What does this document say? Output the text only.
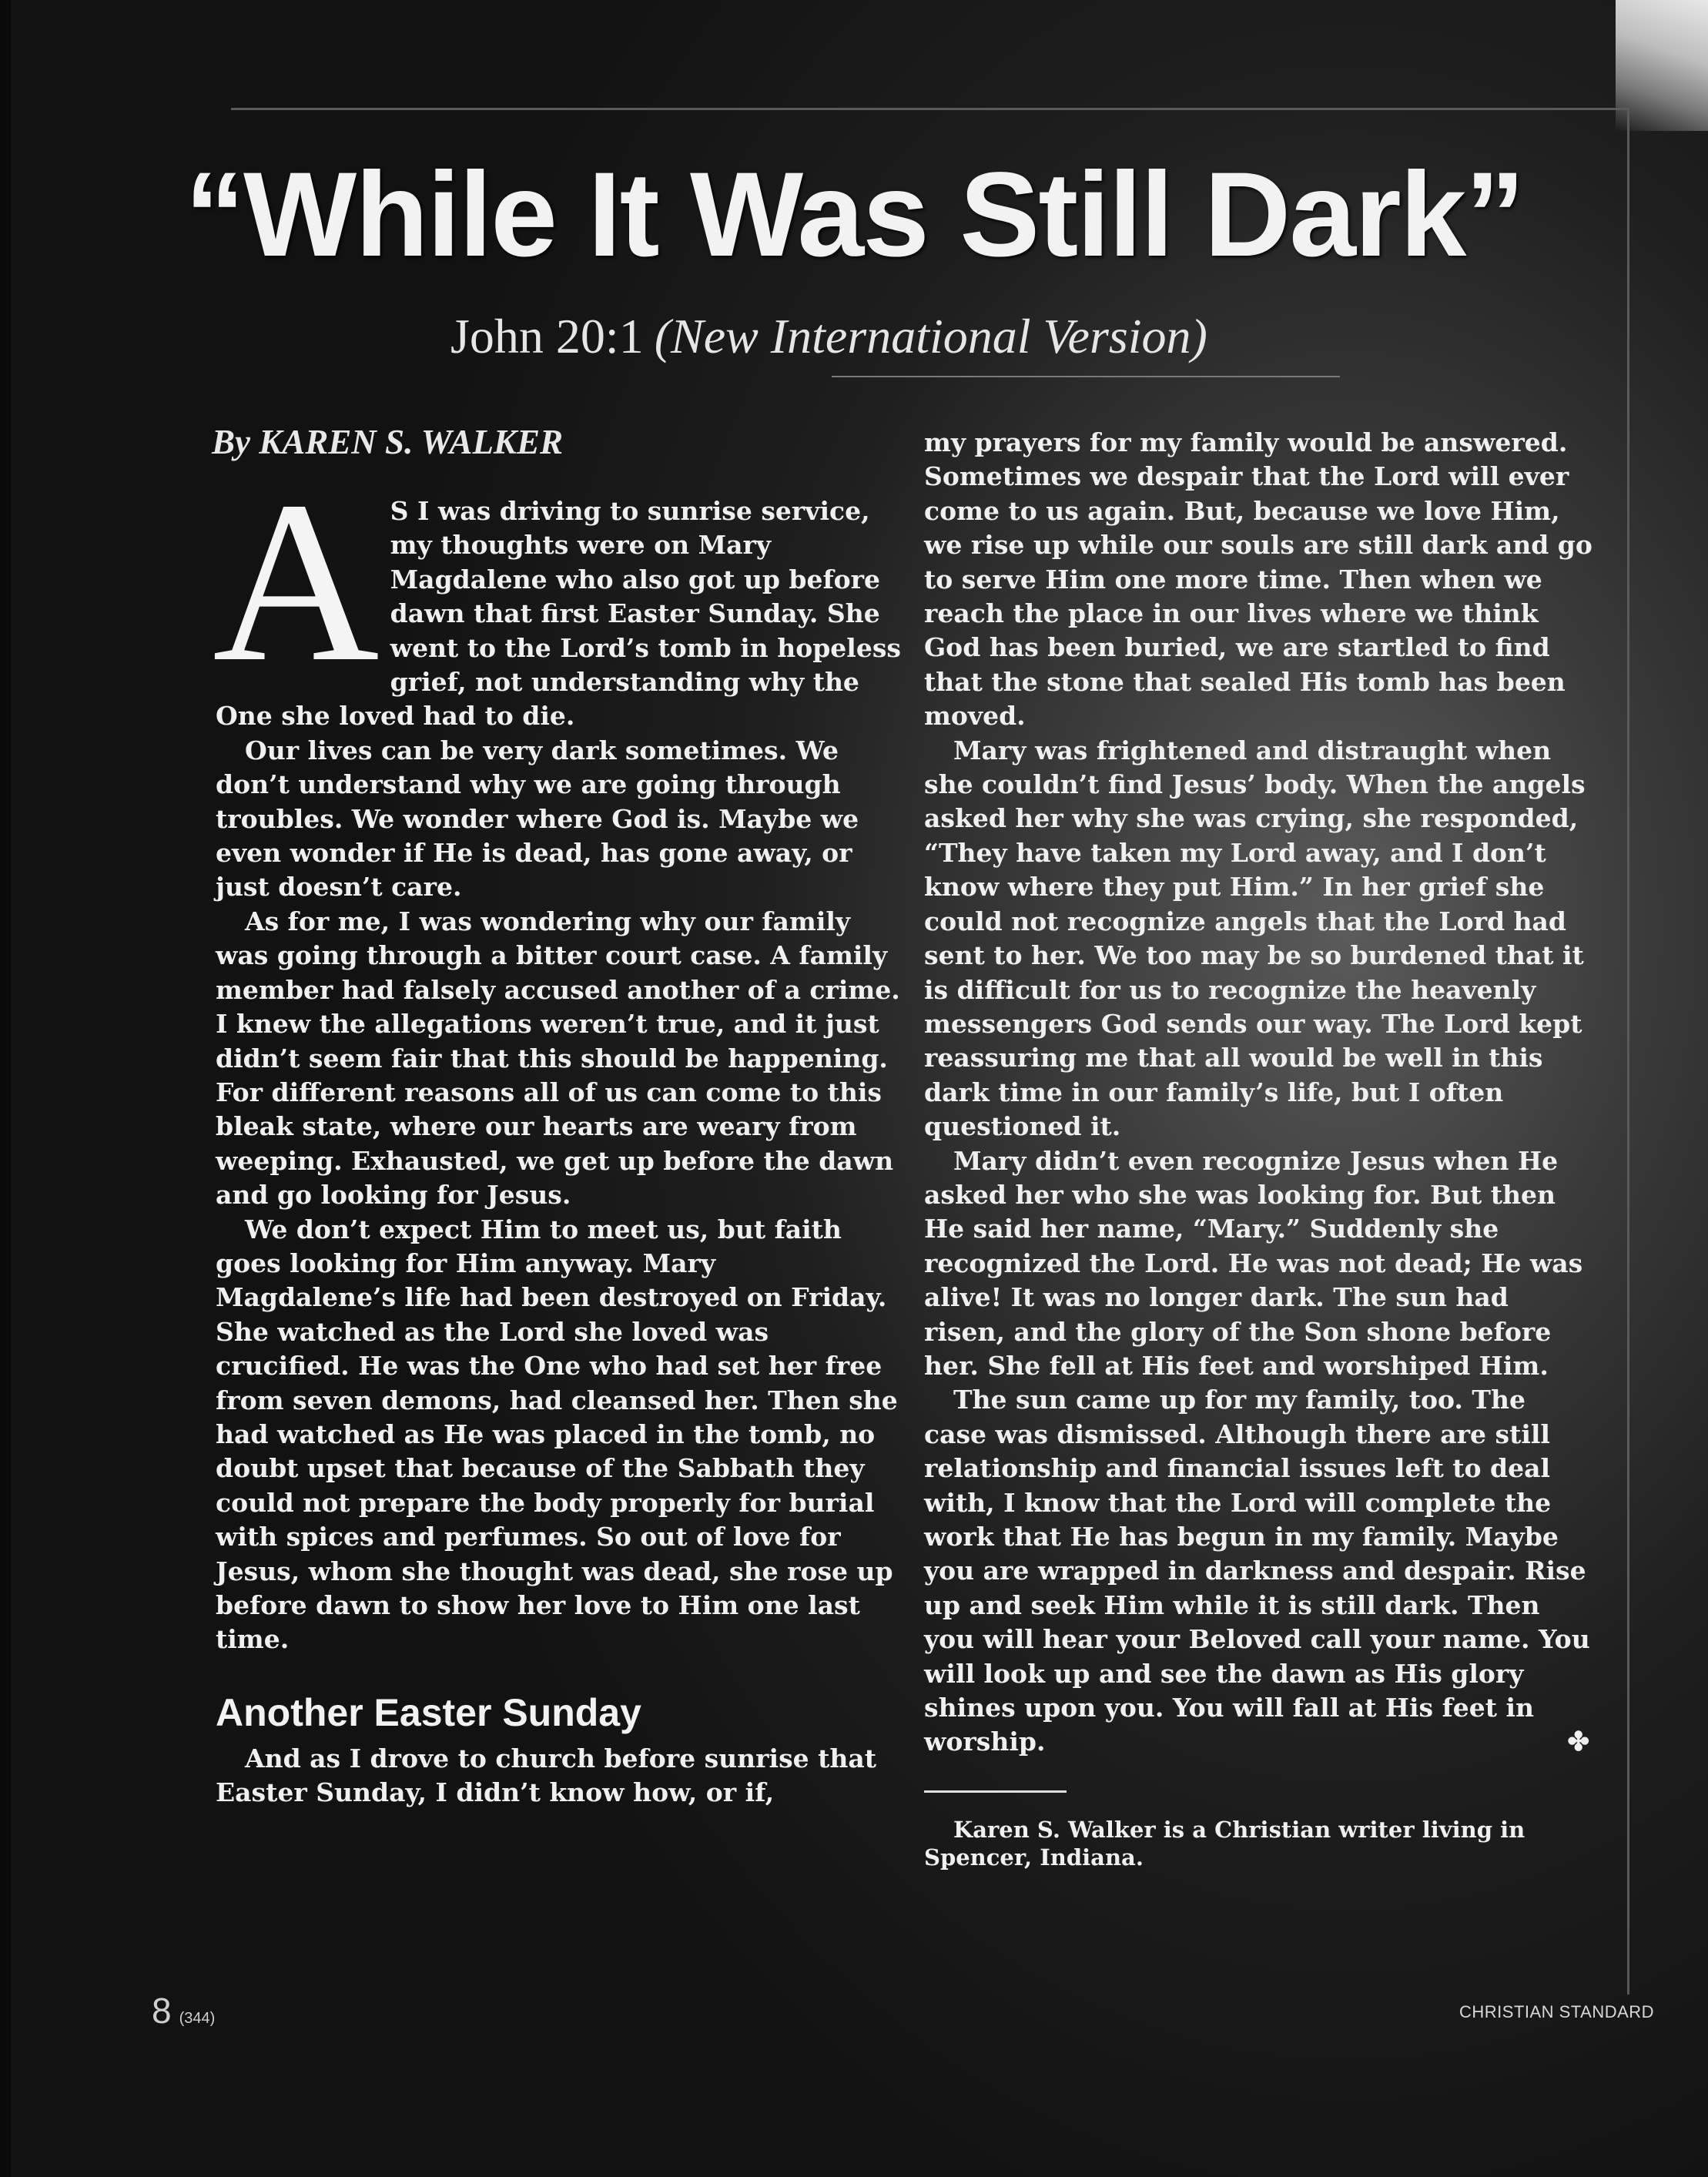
“While It Was Still Dark”
John 20:1 (New International Version)
By KAREN S. WALKER

A S I was driving to sunrise service, my thoughts were on Mary Magdalene who also got up before dawn that first Easter Sunday. She went to the Lord’s tomb in hopeless grief, not understanding why the One she loved had to die.

Our lives can be very dark sometimes. We don’t understand why we are going through troubles. We wonder where God is. Maybe we even wonder if He is dead, has gone away, or just doesn’t care.

As for me, I was wondering why our family was going through a bitter court case. A family member had falsely accused another of a crime. I knew the allegations weren’t true, and it just didn’t seem fair that this should be happening. For different reasons all of us can come to this bleak state, where our hearts are weary from weeping. Exhausted, we get up before the dawn and go looking for Jesus.

We don’t expect Him to meet us, but faith goes looking for Him anyway. Mary Magdalene’s life had been destroyed on Friday. She watched as the Lord she loved was crucified. He was the One who had set her free from seven demons, had cleansed her. Then she had watched as He was placed in the tomb, no doubt upset that because of the Sabbath they could not prepare the body properly for burial with spices and perfumes. So out of love for Jesus, whom she thought was dead, she rose up before dawn to show her love to Him one last time.

Another Easter Sunday

And as I drove to church before sunrise that Easter Sunday, I didn’t know how, or if,

my prayers for my family would be answered. Sometimes we despair that the Lord will ever come to us again. But, because we love Him, we rise up while our souls are still dark and go to serve Him one more time. Then when we reach the place in our lives where we think God has been buried, we are startled to find that the stone that sealed His tomb has been moved.

Mary was frightened and distraught when she couldn’t find Jesus’ body. When the angels asked her why she was crying, she responded, “They have taken my Lord away, and I don’t know where they put Him.” In her grief she could not recognize angels that the Lord had sent to her. We too may be so burdened that it is difficult for us to recognize the heavenly messengers God sends our way. The Lord kept reassuring me that all would be well in this dark time in our family’s life, but I often questioned it.

Mary didn’t even recognize Jesus when He asked her who she was looking for. But then He said her name, “Mary.” Suddenly she recognized the Lord. He was not dead; He was alive! It was no longer dark. The sun had risen, and the glory of the Son shone before her. She fell at His feet and worshiped Him.

The sun came up for my family, too. The case was dismissed. Although there are still relationship and financial issues left to deal with, I know that the Lord will complete the work that He has begun in my family. Maybe you are wrapped in darkness and despair. Rise up and seek Him while it is still dark. Then you will hear your Beloved call your name. You will look up and see the dawn as His glory shines upon you. You will fall at His feet in worship.	✤

Karen S. Walker is a Christian writer living in Spencer, Indiana.

8 (344)	CHRISTIAN STANDARD
